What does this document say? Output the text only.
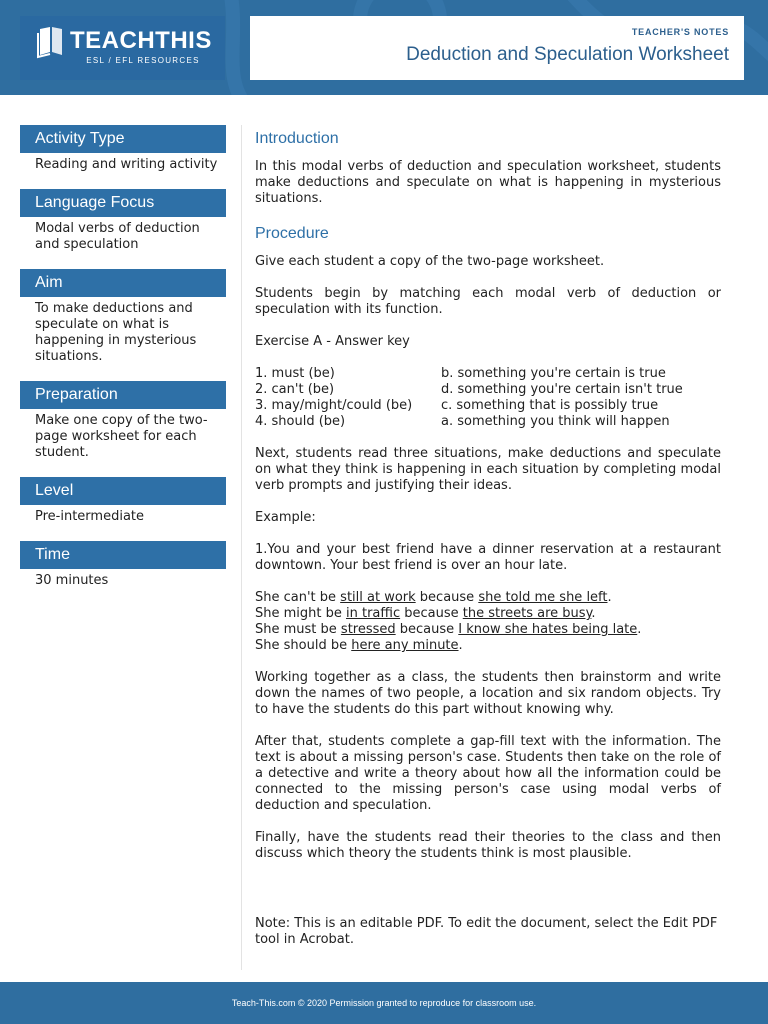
TEACHTHIS
ESL / EFL RESOURCES
TEACHER'S NOTES
Deduction and Speculation Worksheet
Activity Type
Reading and writing activity
Language Focus
Modal verbs of deduction and speculation
Aim
To make deductions and speculate on what is happening in mysterious situations.
Preparation
Make one copy of the two-page worksheet for each student.
Level
Pre-intermediate
Time
30 minutes
Introduction

In this modal verbs of deduction and speculation worksheet, students make deductions and speculate on what is happening in mysterious situations.

Procedure

Give each student a copy of the two-page worksheet.

Students begin by matching each modal verb of deduction or speculation with its function.

Exercise A - Answer key

1. must (be)	b. something you're certain is true
2. can't (be)	d. something you're certain isn't true
3. may/might/could (be)	c. something that is possibly true
4. should (be)	a. something you think will happen

Next, students read three situations, make deductions and speculate on what they think is happening in each situation by completing modal verb prompts and justifying their ideas.

Example:

1.You and your best friend have a dinner reservation at a restaurant downtown. Your best friend is over an hour late.

She can't be still at work because she told me she left.
She might be in traffic because the streets are busy.
She must be stressed because I know she hates being late.
She should be here any minute.

Working together as a class, the students then brainstorm and write down the names of two people, a location and six random objects. Try to have the students do this part without knowing why.

After that, students complete a gap-fill text with the information. The text is about a missing person's case. Students then take on the role of a detective and write a theory about how all the information could be connected to the missing person's case using modal verbs of deduction and speculation.

Finally, have the students read their theories to the class and then discuss which theory the students think is most plausible.

Note: This is an editable PDF. To edit the document, select the Edit PDF tool in Acrobat.

Teach-This.com © 2020 Permission granted to reproduce for classroom use.
